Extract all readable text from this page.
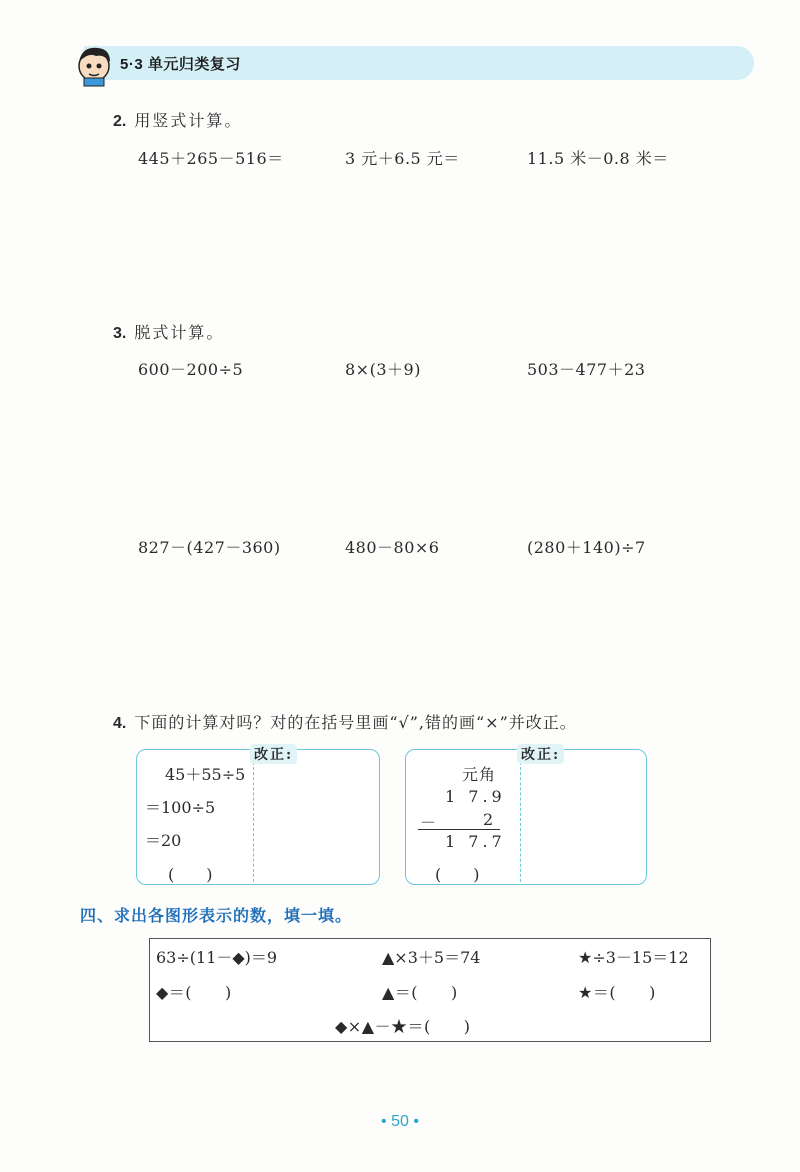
5·3 单元归类复习
2. 用竖式计算。
445＋265－516＝	3 元＋6.5 元＝	11.5 米－0.8 米＝
3. 脱式计算。
600－200÷5	8×(3＋9)	503－477＋23
827－(427－360)	480－80×6	(280＋140)÷7
4. 下面的计算对吗？对的在括号里画“√”,错的画“×”并改正。
改正:
45＋55÷5
＝100÷5
＝20
(　　)
改正:
元角
1 7.9
－	2
1 7.7
(　　)
四、求出各图形表示的数，填一填。
63÷(11－◆)＝9	▲×3＋5＝74	★÷3－15＝12
◆＝(　　)	▲＝(　　)	★＝(　　)
◆×▲－★＝(　　)
• 50 •
